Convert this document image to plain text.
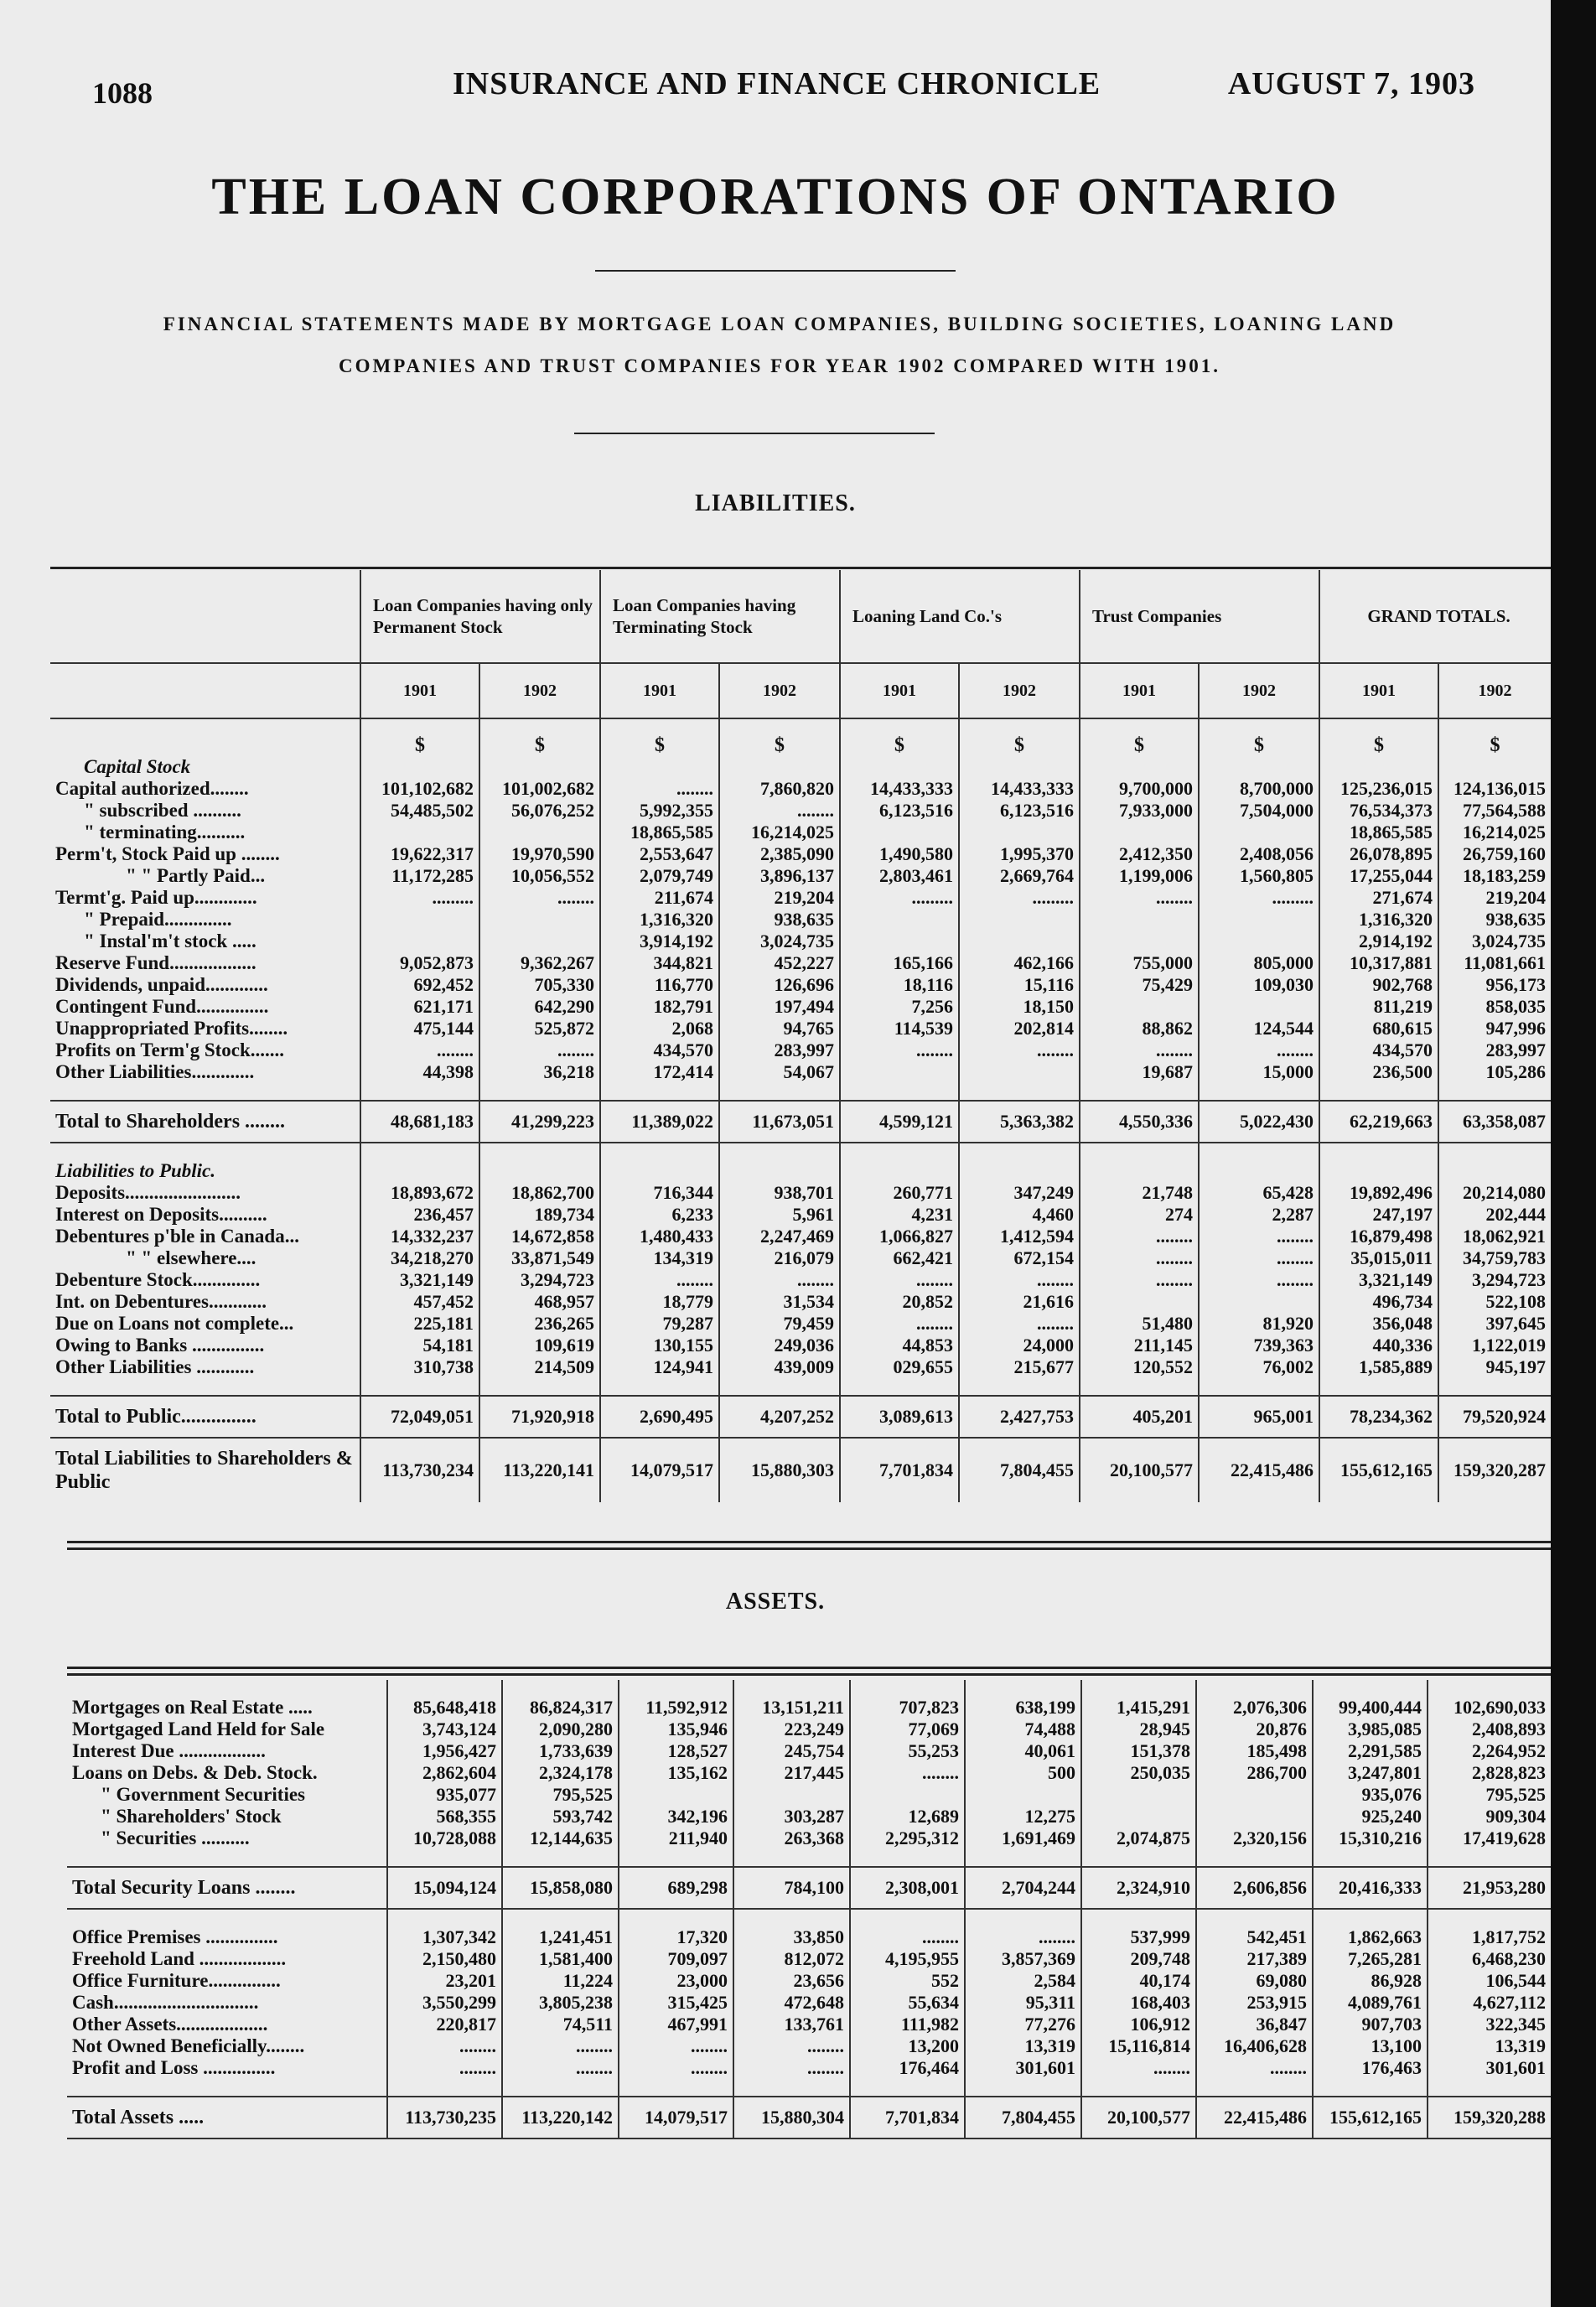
1088	INSURANCE AND FINANCE CHRONICLE	AUGUST 7, 1903
THE LOAN CORPORATIONS OF ONTARIO
FINANCIAL STATEMENTS MADE BY MORTGAGE LOAN COMPANIES, BUILDING SOCIETIES, LOANING LAND
COMPANIES AND TRUST COMPANIES FOR YEAR 1902 COMPARED WITH 1901.
LIABILITIES.
	Loan Companies having only Permanent Stock		Loan Companies having Terminating Stock		Loaning Land Co.'s		Trust Companies		GRAND TOTALS.	
	1901	1902	1901	1902	1901	1902	1901	1902	1901	1902
	$	$	$	$	$	$	$	$	$	$
Capital Stock										
Capital authorized........	101,102,682	101,002,682	........	7,860,820	14,433,333	14,433,333	9,700,000	8,700,000	125,236,015	124,136,015
" subscribed ..........	54,485,502	56,076,252	5,992,355	........	6,123,516	6,123,516	7,933,000	7,504,000	76,534,373	77,564,588
" terminating..........			18,865,585	16,214,025					18,865,585	16,214,025
Perm't, Stock Paid up ........	19,622,317	19,970,590	2,553,647	2,385,090	1,490,580	1,995,370	2,412,350	2,408,056	26,078,895	26,759,160
" " Partly Paid...	11,172,285	10,056,552	2,079,749	3,896,137	2,803,461	2,669,764	1,199,006	1,560,805	17,255,044	18,183,259
Termt'g. Paid up.............	.........	........	211,674	219,204	.........	.........	........	.........	271,674	219,204
" Prepaid..............			1,316,320	938,635					1,316,320	938,635
" Instal'm't stock .....			3,914,192	3,024,735					2,914,192	3,024,735
Reserve Fund..................	9,052,873	9,362,267	344,821	452,227	165,166	462,166	755,000	805,000	10,317,881	11,081,661
Dividends, unpaid.............	692,452	705,330	116,770	126,696	18,116	15,116	75,429	109,030	902,768	956,173
Contingent Fund...............	621,171	642,290	182,791	197,494	7,256	18,150			811,219	858,035
Unappropriated Profits........	475,144	525,872	2,068	94,765	114,539	202,814	88,862	124,544	680,615	947,996
Profits on Term'g Stock.......	........	........	434,570	283,997	........	........	........	........	434,570	283,997
Other Liabilities.............	44,398	36,218	172,414	54,067			19,687	15,000	236,500	105,286

Total to Shareholders ........	48,681,183	41,299,223	11,389,022	11,673,051	4,599,121	5,363,382	4,550,336	5,022,430	62,219,663	63,358,087

Liabilities to Public.										
Deposits........................	18,893,672	18,862,700	716,344	938,701	260,771	347,249	21,748	65,428	19,892,496	20,214,080
Interest on Deposits..........	236,457	189,734	6,233	5,961	4,231	4,460	274	2,287	247,197	202,444
Debentures p'ble in Canada...	14,332,237	14,672,858	1,480,433	2,247,469	1,066,827	1,412,594	........	........	16,879,498	18,062,921
" " elsewhere....	34,218,270	33,871,549	134,319	216,079	662,421	672,154	........	........	35,015,011	34,759,783
Debenture Stock..............	3,321,149	3,294,723	........	........	........	........	........	........	3,321,149	3,294,723
Int. on Debentures............	457,452	468,957	18,779	31,534	20,852	21,616			496,734	522,108
Due on Loans not complete...	225,181	236,265	79,287	79,459	........	........	51,480	81,920	356,048	397,645
Owing to Banks ...............	54,181	109,619	130,155	249,036	44,853	24,000	211,145	739,363	440,336	1,122,019
Other Liabilities ............	310,738	214,509	124,941	439,009	029,655	215,677	120,552	76,002	1,585,889	945,197

Total to Public...............	72,049,051	71,920,918	2,690,495	4,207,252	3,089,613	2,427,753	405,201	965,001	78,234,362	79,520,924
Total Liabilities to Shareholders & Public	113,730,234	113,220,141	14,079,517	15,880,303	7,701,834	7,804,455	20,100,577	22,415,486	155,612,165	159,320,287
ASSETS.

Mortgages on Real Estate .....	85,648,418	86,824,317	11,592,912	13,151,211	707,823	638,199	1,415,291	2,076,306	99,400,444	102,690,033
Mortgaged Land Held for Sale	3,743,124	2,090,280	135,946	223,249	77,069	74,488	28,945	20,876	3,985,085	2,408,893
Interest Due ..................	1,956,427	1,733,639	128,527	245,754	55,253	40,061	151,378	185,498	2,291,585	2,264,952
Loans on Debs. & Deb. Stock.	2,862,604	2,324,178	135,162	217,445	........	500	250,035	286,700	3,247,801	2,828,823
" Government Securities	935,077	795,525							935,076	795,525
" Shareholders' Stock	568,355	593,742	342,196	303,287	12,689	12,275			925,240	909,304
" Securities ..........	10,728,088	12,144,635	211,940	263,368	2,295,312	1,691,469	2,074,875	2,320,156	15,310,216	17,419,628

Total Security Loans ........	15,094,124	15,858,080	689,298	784,100	2,308,001	2,704,244	2,324,910	2,606,856	20,416,333	21,953,280

Office Premises ...............	1,307,342	1,241,451	17,320	33,850	........	........	537,999	542,451	1,862,663	1,817,752
Freehold Land ..................	2,150,480	1,581,400	709,097	812,072	4,195,955	3,857,369	209,748	217,389	7,265,281	6,468,230
Office Furniture...............	23,201	11,224	23,000	23,656	552	2,584	40,174	69,080	86,928	106,544
Cash..............................	3,550,299	3,805,238	315,425	472,648	55,634	95,311	168,403	253,915	4,089,761	4,627,112
Other Assets...................	220,817	74,511	467,991	133,761	111,982	77,276	106,912	36,847	907,703	322,345
Not Owned Beneficially........	........	........	........	........	13,200	13,319	15,116,814	16,406,628	13,100	13,319
Profit and Loss ...............	........	........	........	........	176,464	301,601	........	........	176,463	301,601

Total Assets .....	113,730,235	113,220,142	14,079,517	15,880,304	7,701,834	7,804,455	20,100,577	22,415,486	155,612,165	159,320,288
